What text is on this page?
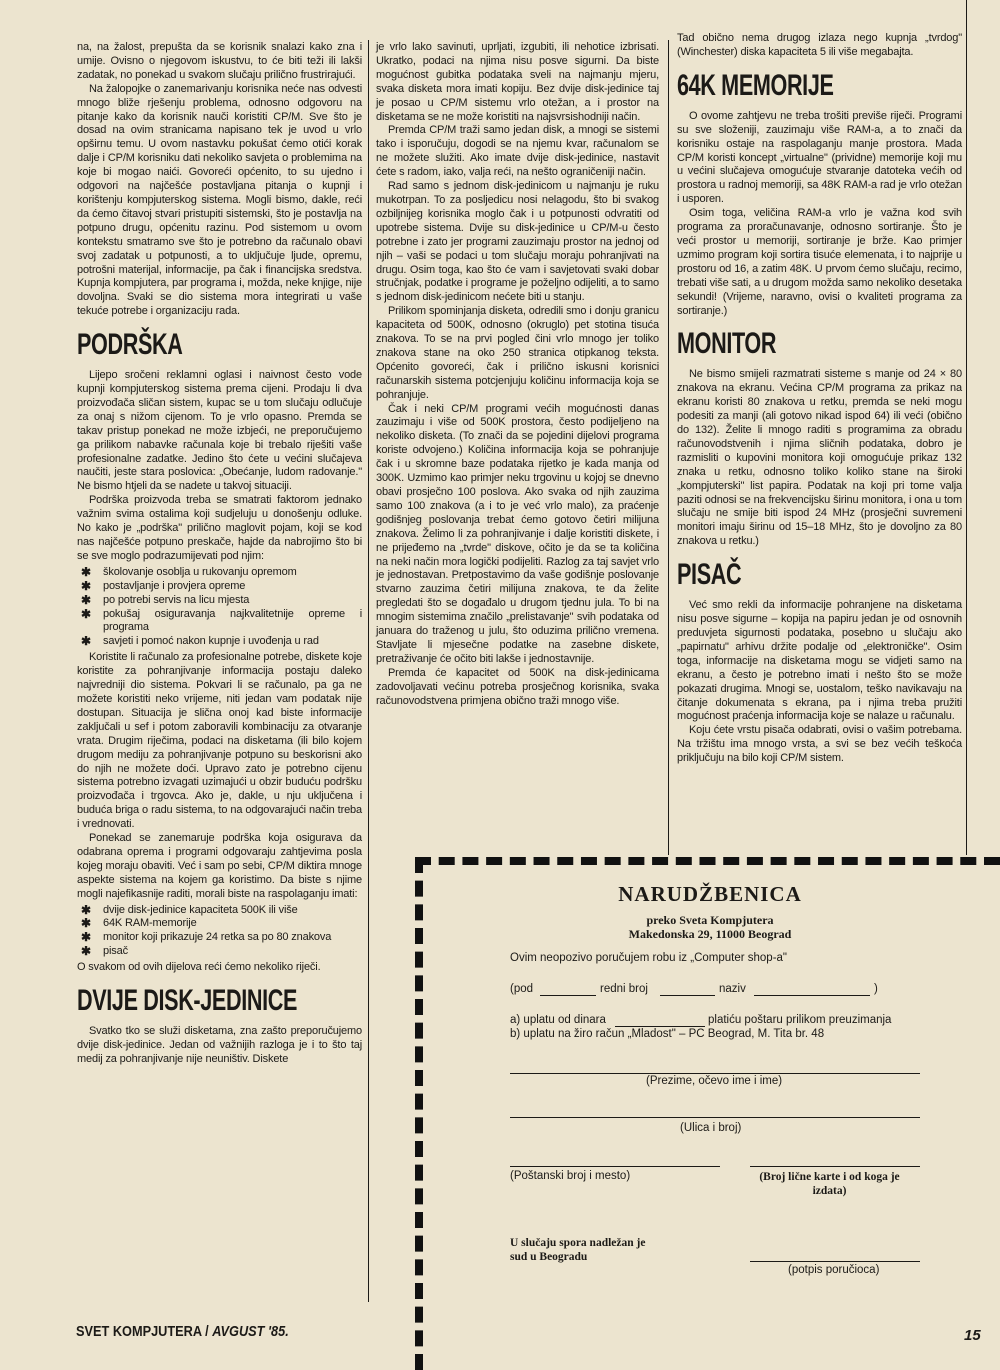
na, na žalost, prepušta da se korisnik snalazi kako zna i umije. Ovisno o njegovom iskustvu, to će biti teži ili lakši zadatak, no ponekad u svakom slučaju prilično frustrirajući.

Na žalopojke o zanemarivanju korisnika neće nas odvesti mnogo bliže rješenju problema, odnosno odgovoru na pitanje kako da korisnik nauči koristiti CP/M. Sve što je dosad na ovim stranicama napisano tek je uvod u vrlo opširnu temu. U ovom nastavku pokušat ćemo otići korak dalje i CP/M korisniku dati nekoliko savjeta o problemima na koje bi mogao naići. Govoreći općenito, to su ujedno i odgovori na najčešće postavljana pitanja o kupnji i korištenju kompjuterskog sistema. Mogli bismo, dakle, reći da ćemo čitavoj stvari pristupiti sistemski, što je postavlja na potpuno drugu, općenitu razinu. Pod sistemom u ovom kontekstu smatramo sve što je potrebno da računalo obavi svoj zadatak u potpunosti, a to uključuje ljude, opremu, potrošni materijal, informacije, pa čak i financijska sredstva. Kupnja kompjutera, par programa i, možda, neke knjige, nije dovoljna. Svaki se dio sistema mora integrirati u vaše tekuće potrebe i organizaciju rada.

PODRŠKA

Lijepo sročeni reklamni oglasi i naivnost često vode kupnji kompjuterskog sistema prema cijeni. Prodaju li dva proizvođača sličan sistem, kupac se u tom slučaju odlučuje za onaj s nižom cijenom. To je vrlo opasno. Premda se takav pristup ponekad ne može izbjeći, ne preporučujemo ga prilikom nabavke računala koje bi trebalo riješiti vaše profesionalne zadatke. Jedino što ćete u većini slučajeva naučiti, jeste stara poslovica: „Obećanje, ludom radovanje." Ne bismo htjeli da se nadete u takvoj situaciji.

Podrška proizvoda treba se smatrati faktorom jednako važnim svima ostalima koji sudjeluju u donošenju odluke. No kako je „podrška" prilično maglovit pojam, koji se kod nas najčešće potpuno preskače, hajde da nabrojimo što bi se sve moglo podrazumijevati pod njim:

✱ školovanje osoblja u rukovanju opremom
✱ postavljanje i provjera opreme
✱ po potrebi servis na licu mjesta
✱ pokušaj osiguravanja najkvalitetnije opreme i programa
✱ savjeti i pomoć nakon kupnje i uvođenja u rad

Koristite li računalo za profesionalne potrebe, diskete koje koristite za pohranjivanje informacija postaju daleko najvredniji dio sistema. Pokvari li se računalo, pa ga ne možete koristiti neko vrijeme, niti jedan vam podatak nije dostupan. Situacija je slična onoj kad biste informacije zaključali u sef i potom zaboravili kombinaciju za otvaranje vrata. Drugim riječima, podaci na disketama (ili bilo kojem drugom mediju za pohranjivanje potpuno su beskorisni ako do njih ne možete doći. Upravo zato je potrebno cijenu sistema potrebno izvagati uzimajući u obzir buduću podršku proizvođača i trgovca. Ako je, dakle, u nju uključena i buduća briga o radu sistema, to na odgovarajući način treba i vrednovati.

Ponekad se zanemaruje podrška koja osigurava da odabrana oprema i programi odgovaraju zahtjevima posla kojeg moraju obaviti. Već i sam po sebi, CP/M diktira mnoge aspekte sistema na kojem ga koristimo. Da biste s njime mogli najefikasnije raditi, morali biste na raspolaganju imati:

✱ dvije disk-jedinice kapaciteta 500K ili više
✱ 64K RAM-memorije
✱ monitor koji prikazuje 24 retka sa po 80 znakova
✱ pisač

O svakom od ovih dijelova reći ćemo nekoliko riječi.

DVIJE DISK-JEDINICE

Svatko tko se služi disketama, zna zašto preporučujemo dvije disk-jedinice. Jedan od važnijih razloga je i to što taj medij za pohranjivanje nije neuništiv. Diskete

je vrlo lako savinuti, uprljati, izgubiti, ili nehotice izbrisati. Ukratko, podaci na njima nisu posve sigurni. Da biste mogućnost gubitka podataka sveli na najmanju mjeru, svaka disketa mora imati kopiju. Bez dvije disk-jedinice taj je posao u CP/M sistemu vrlo otežan, a i prostor na disketama se ne može koristiti na najsvrsishodniji način.

Premda CP/M traži samo jedan disk, a mnogi se sistemi tako i isporučuju, dogodi se na njemu kvar, računalom se ne možete služiti. Ako imate dvije disk-jedinice, nastavit ćete s radom, iako, valja reći, na nešto ograničeniji način.

Rad samo s jednom disk-jedinicom u najmanju je ruku mukotrpan. To za posljedicu nosi nelagodu, što bi svakog ozbiljnijeg korisnika moglo čak i u potpunosti odvratiti od upotrebe sistema. Dvije su disk-jedinice u CP/M-u često potrebne i zato jer programi zauzimaju prostor na jednoj od njih – vaši se podaci u tom slučaju moraju pohranjivati na drugu. Osim toga, kao što će vam i savjetovati svaki dobar stručnjak, podatke i programe je poželjno odijeliti, a to samo s jednom disk-jedinicom nećete biti u stanju.

Prilikom spominjanja disketa, odredili smo i donju granicu kapaciteta od 500K, odnosno (okruglo) pet stotina tisuća znakova. To se na prvi pogled čini vrlo mnogo jer toliko znakova stane na oko 250 stranica otipkanog teksta. Općenito govoreći, čak i prilično iskusni korisnici računarskih sistema potcjenjuju količinu informacija koja se pohranjuje.

Čak i neki CP/M programi većih mogućnosti danas zauzimaju i više od 500K prostora, često podijeljeno na nekoliko disketa. (To znači da se pojedini dijelovi programa koriste odvojeno.) Količina informacija koja se pohranjuje čak i u skromne baze podataka rijetko je kada manja od 300K. Uzmimo kao primjer neku trgovinu u kojoj se dnevno obavi prosječno 100 poslova. Ako svaka od njih zauzima samo 100 znakova (a i to je već vrlo malo), za praćenje godišnjeg poslovanja trebat ćemo gotovo četiri milijuna znakova. Želimo li za pohranjivanje i dalje koristiti diskete, i ne prijeđemo na „tvrde" diskove, očito je da se ta količina na neki način mora logički podijeliti. Razlog za taj savjet vrlo je jednostavan. Pretpostavimo da vaše godišnje poslovanje stvarno zauzima četiri milijuna znakova, te da želite pregledati što se događalo u drugom tjednu jula. To bi na mnogim sistemima značilo „prelistavanje" svih podataka od januara do traženog u julu, što oduzima prilično vremena. Stavljate li mjesečne podatke na zasebne diskete, pretraživanje će očito biti lakše i jednostavnije.

Premda će kapacitet od 500K na disk-jedinicama zadovoljavati većinu potreba prosječnog korisnika, svaka računovodstvena primjena obično traži mnogo više.

Tad obično nema drugog izlaza nego kupnja „tvrdog" (Winchester) diska kapaciteta 5 ili više megabajta.

64K MEMORIJE

O ovome zahtjevu ne treba trošiti previše riječi. Programi su sve složeniji, zauzimaju više RAM-a, a to znači da korisniku ostaje na raspolaganju manje prostora. Mada CP/M koristi koncept „virtualne" (prividne) memorije koji mu u većini slučajeva omogućuje stvaranje datoteka većih od prostora u radnoj memoriji, sa 48K RAM-a rad je vrlo otežan i usporen.

Osim toga, veličina RAM-a vrlo je važna kod svih programa za proračunavanje, odnosno sortiranje. Što je veći prostor u memoriji, sortiranje je brže. Kao primjer uzmimo program koji sortira tisuće elemenata, i to najprije u prostoru od 16, a zatim 48K. U prvom ćemo slučaju, recimo, trebati više sati, a u drugom možda samo nekoliko desetaka sekundi! (Vrijeme, naravno, ovisi o kvaliteti programa za sortiranje.)

MONITOR

Ne bismo smijeli razmatrati sisteme s manje od 24 × 80 znakova na ekranu. Većina CP/M programa za prikaz na ekranu koristi 80 znakova u retku, premda se neki mogu podesiti za manji (ali gotovo nikad ispod 64) ili veći (obično do 132). Želite li mnogo raditi s programima za obradu računovodstvenih i njima sličnih podataka, dobro je razmisliti o kupovini monitora koji omogućuje prikaz 132 znaka u retku, odnosno toliko koliko stane na široki „kompjuterski" list papira. Podatak na koji pri tome valja paziti odnosi se na frekvencijsku širinu monitora, i ona u tom slučaju ne smije biti ispod 24 MHz (prosječni suvremeni monitori imaju širinu od 15–18 MHz, što je dovoljno za 80 znakova u retku.)

PISAČ

Već smo rekli da informacije pohranjene na disketama nisu posve sigurne – kopija na papiru jedan je od osnovnih preduvjeta sigurnosti podataka, posebno u slučaju ako „papirnatu" arhivu držite podalje od „elektroničke". Osim toga, informacije na disketama mogu se vidjeti samo na ekranu, a često je potrebno imati i nešto što se može pokazati drugima. Mnogi se, uostalom, teško navikavaju na čitanje dokumenata s ekrana, pa i njima treba pružiti mogućnost praćenja informacija koje se nalaze u računalu.

Koju ćete vrstu pisača odabrati, ovisi o vašim potrebama. Na tržištu ima mnogo vrsta, a svi se bez većih teškoća priključuju na bilo koji CP/M sistem.

NARUDŽBENICA
preko Sveta Kompjutera
Makedonska 29, 11000 Beograd
Ovim neopozivo poručujem robu iz „Computer shop-a"
(pod	redni broj	naziv	)
a) uplatu od dinara	platiću poštaru prilikom preuzimanja
b) uplatu na žiro račun „Mladost" – PC Beograd, M. Tita br. 48
(Prezime, očevo ime i ime)
(Ulica i broj)
(Poštanski broj i mesto)	(Broj lične karte i od koga je izdata)
U slučaju spora nadležan je sud u Beogradu
(potpis poručioca)
SVET KOMPJUTERA / AVGUST '85.	15
